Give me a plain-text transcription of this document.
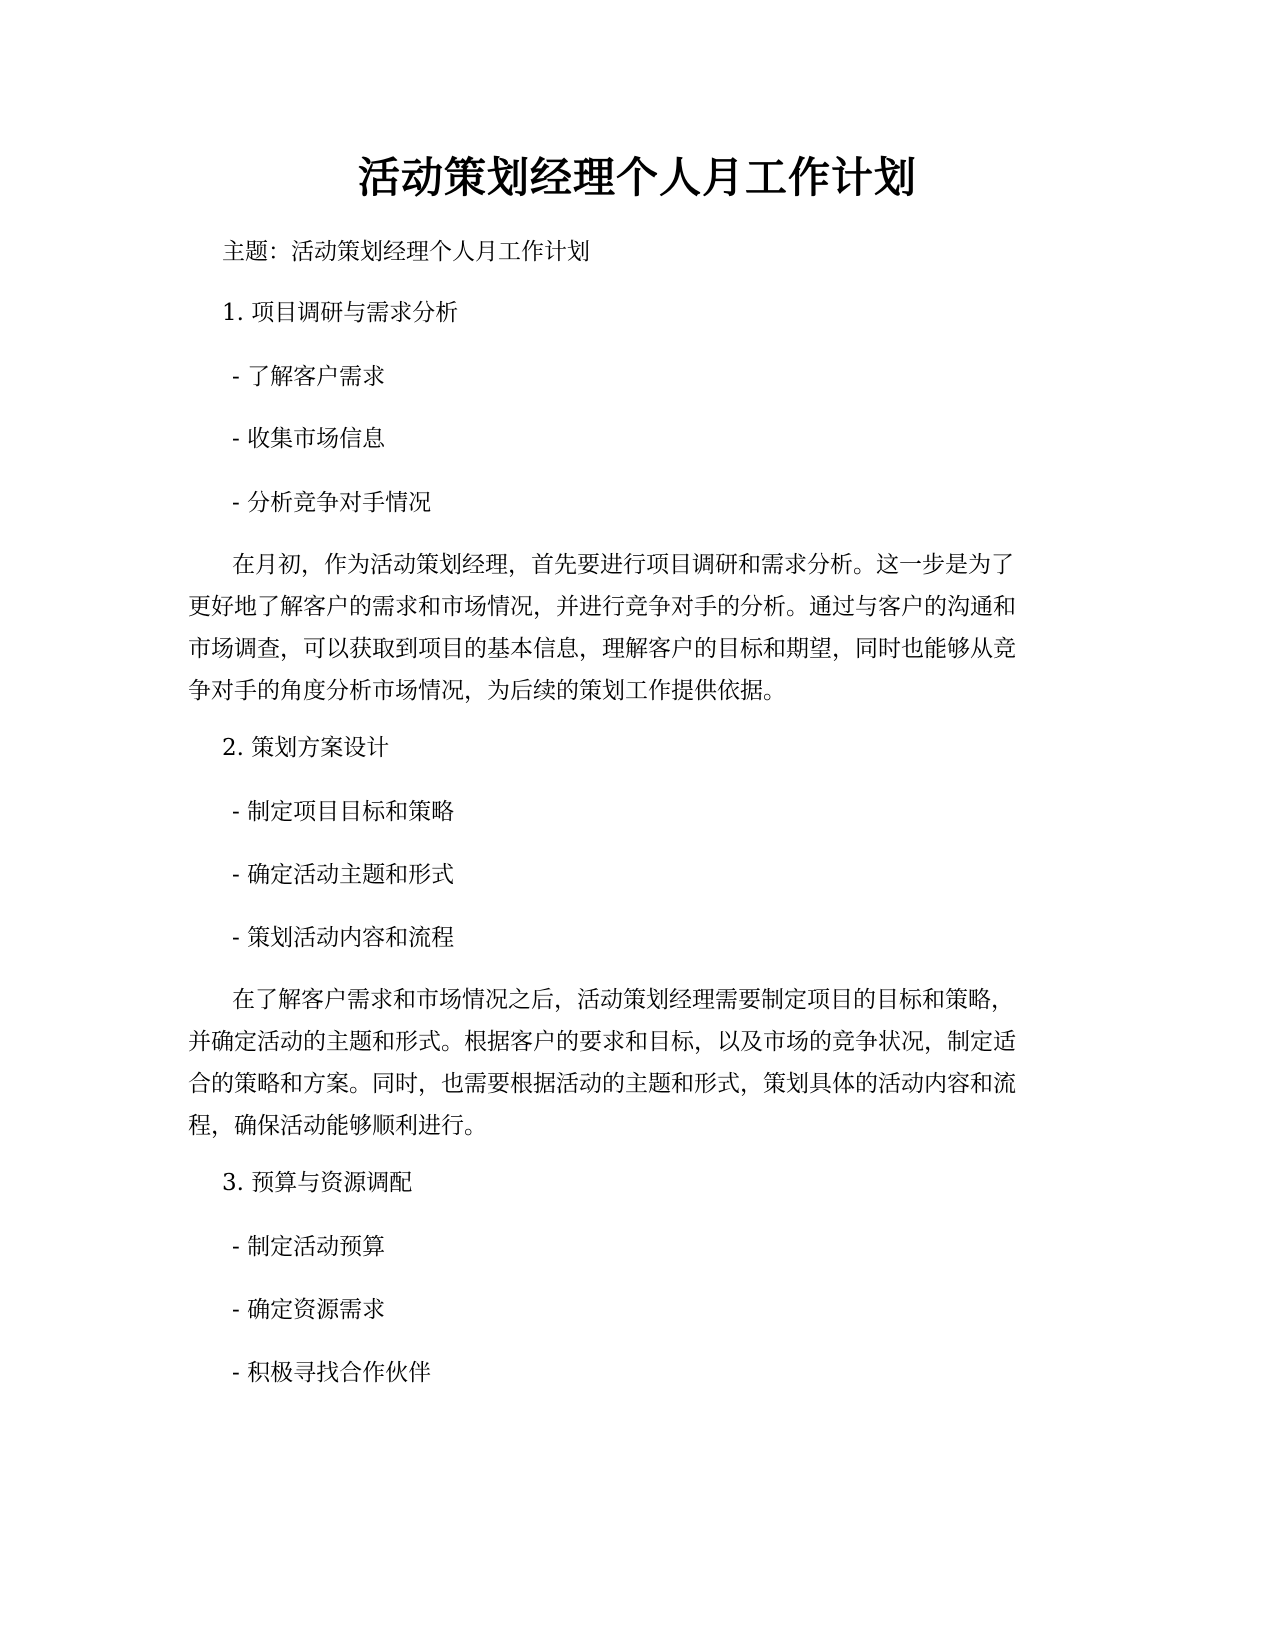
活动策划经理个人月工作计划
主题：活动策划经理个人月工作计划
1. 项目调研与需求分析
- 了解客户需求
- 收集市场信息
- 分析竞争对手情况
在月初，作为活动策划经理，首先要进行项目调研和需求分析。这一步是为了
更好地了解客户的需求和市场情况，并进行竞争对手的分析。通过与客户的沟通和
市场调查，可以获取到项目的基本信息，理解客户的目标和期望，同时也能够从竞
争对手的角度分析市场情况，为后续的策划工作提供依据。
2. 策划方案设计
- 制定项目目标和策略
- 确定活动主题和形式
- 策划活动内容和流程
在了解客户需求和市场情况之后，活动策划经理需要制定项目的目标和策略，
并确定活动的主题和形式。根据客户的要求和目标，以及市场的竞争状况，制定适
合的策略和方案。同时，也需要根据活动的主题和形式，策划具体的活动内容和流
程，确保活动能够顺利进行。
3. 预算与资源调配
- 制定活动预算
- 确定资源需求
- 积极寻找合作伙伴
